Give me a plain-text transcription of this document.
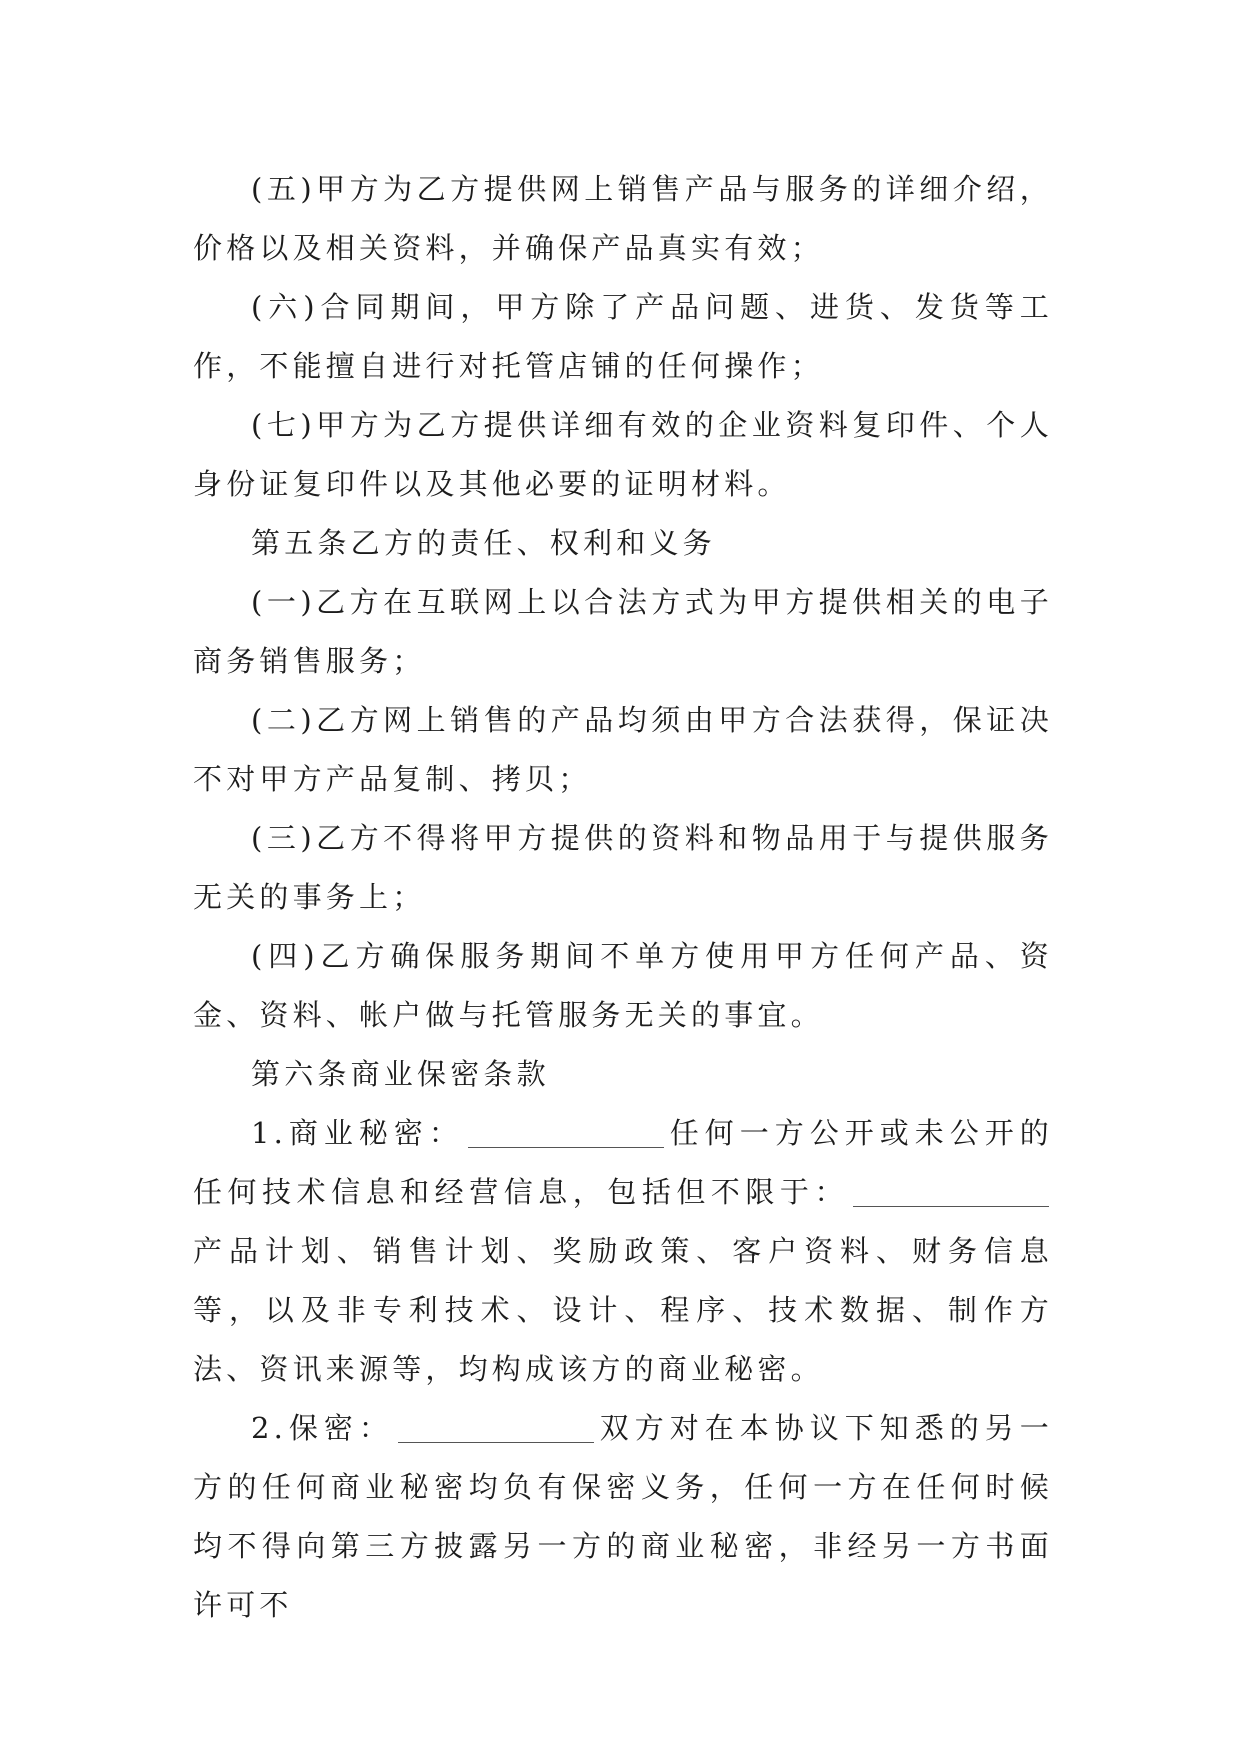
(五)甲方为乙方提供网上销售产品与服务的详细介绍，价格以及相关资料，并确保产品真实有效；

(六)合同期间，甲方除了产品问题、进货、发货等工作，不能擅自进行对托管店铺的任何操作；

(七)甲方为乙方提供详细有效的企业资料复印件、个人身份证复印件以及其他必要的证明材料。

第五条乙方的责任、权利和义务

(一)乙方在互联网上以合法方式为甲方提供相关的电子商务销售服务；

(二)乙方网上销售的产品均须由甲方合法获得，保证决不对甲方产品复制、拷贝；

(三)乙方不得将甲方提供的资料和物品用于与提供服务无关的事务上；

(四)乙方确保服务期间不单方使用甲方任何产品、资金、资料、帐户做与托管服务无关的事宜。

第六条商业保密条款

1.商业秘密：	任何一方公开或未公开的任何技术信息和经营信息，包括但不限于：产品计划、销售计划、奖励政策、客户资料、财务信息等，以及非专利技术、设计、程序、技术数据、制作方法、资讯来源等，均构成该方的商业秘密。

2.保密：	双方对在本协议下知悉的另一方的任何商业秘密均负有保密义务，任何一方在任何时候均不得向第三方披露另一方的商业秘密，非经另一方书面许可不
